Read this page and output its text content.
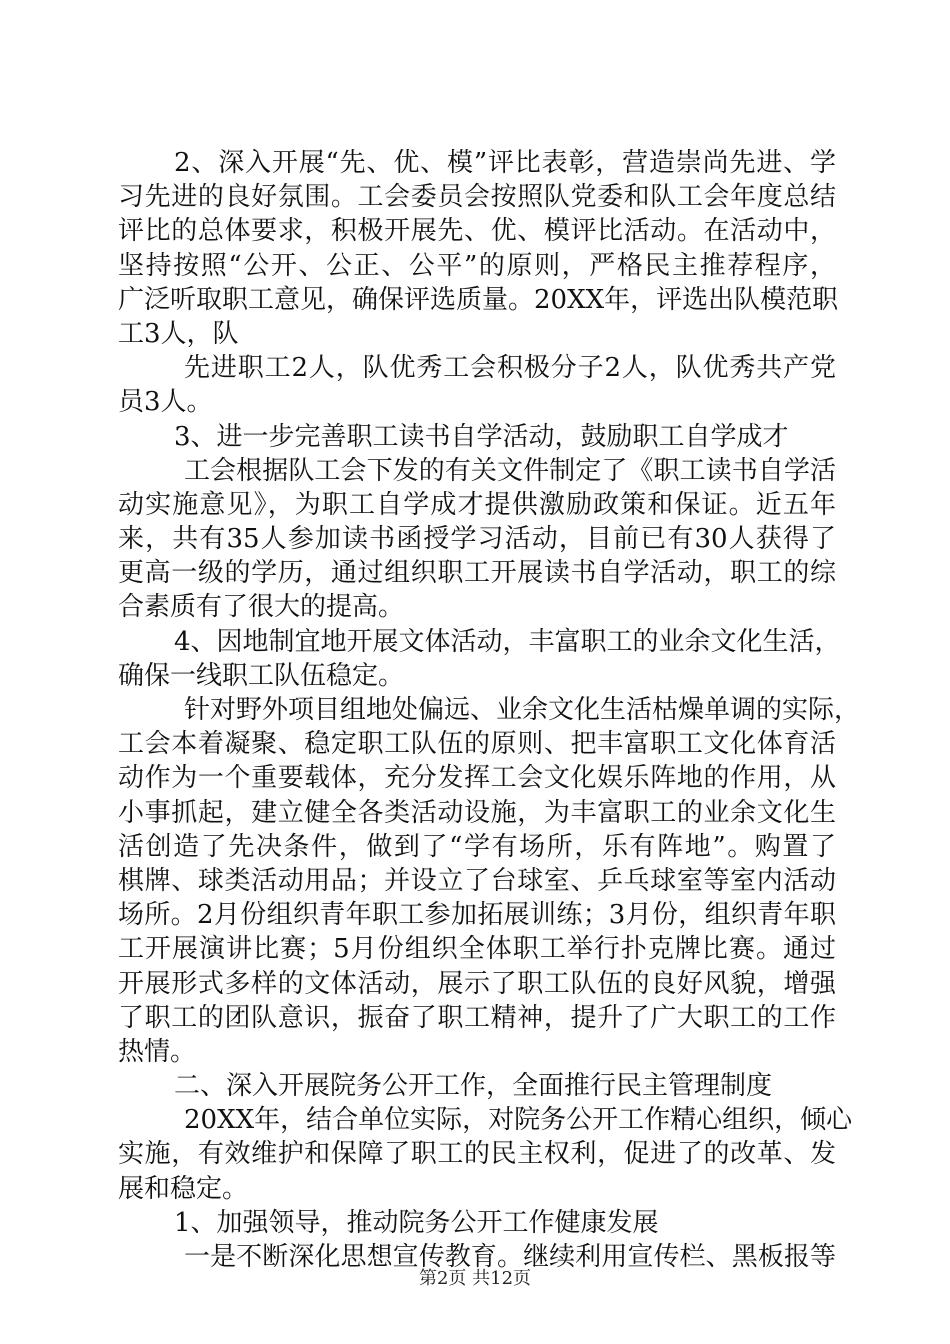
2、深入开展“先、优、模”评比表彰，营造崇尚先进、学
习先进的良好氛围。工会委员会按照队党委和队工会年度总结
评比的总体要求，积极开展先、优、模评比活动。在活动中，
坚持按照“公开、公正、公平”的原则，严格民主推荐程序，
广泛听取职工意见，确保评选质量。20XX年，评选出队模范职
工3人，队
先进职工2人，队优秀工会积极分子2人，队优秀共产党
员3人。
3、进一步完善职工读书自学活动，鼓励职工自学成才
工会根据队工会下发的有关文件制定了《职工读书自学活
动实施意见》，为职工自学成才提供激励政策和保证。近五年
来，共有35人参加读书函授学习活动，目前已有30人获得了
更高一级的学历，通过组织职工开展读书自学活动，职工的综
合素质有了很大的提高。
4、因地制宜地开展文体活动，丰富职工的业余文化生活，
确保一线职工队伍稳定。
针对野外项目组地处偏远、业余文化生活枯燥单调的实际，
工会本着凝聚、稳定职工队伍的原则、把丰富职工文化体育活
动作为一个重要载体，充分发挥工会文化娱乐阵地的作用，从
小事抓起，建立健全各类活动设施，为丰富职工的业余文化生
活创造了先决条件，做到了“学有场所，乐有阵地”。购置了
棋牌、球类活动用品；并设立了台球室、乒乓球室等室内活动
场所。2月份组织青年职工参加拓展训练；3月份，组织青年职
工开展演讲比赛；5月份组织全体职工举行扑克牌比赛。通过
开展形式多样的文体活动，展示了职工队伍的良好风貌，增强
了职工的团队意识，振奋了职工精神，提升了广大职工的工作
热情。
二、深入开展院务公开工作，全面推行民主管理制度
20XX年，结合单位实际，对院务公开工作精心组织，倾心
实施，有效维护和保障了职工的民主权利，促进了的改革、发
展和稳定。
1、加强领导，推动院务公开工作健康发展
一是不断深化思想宣传教育。继续利用宣传栏、黑板报等
第2页 共12页
